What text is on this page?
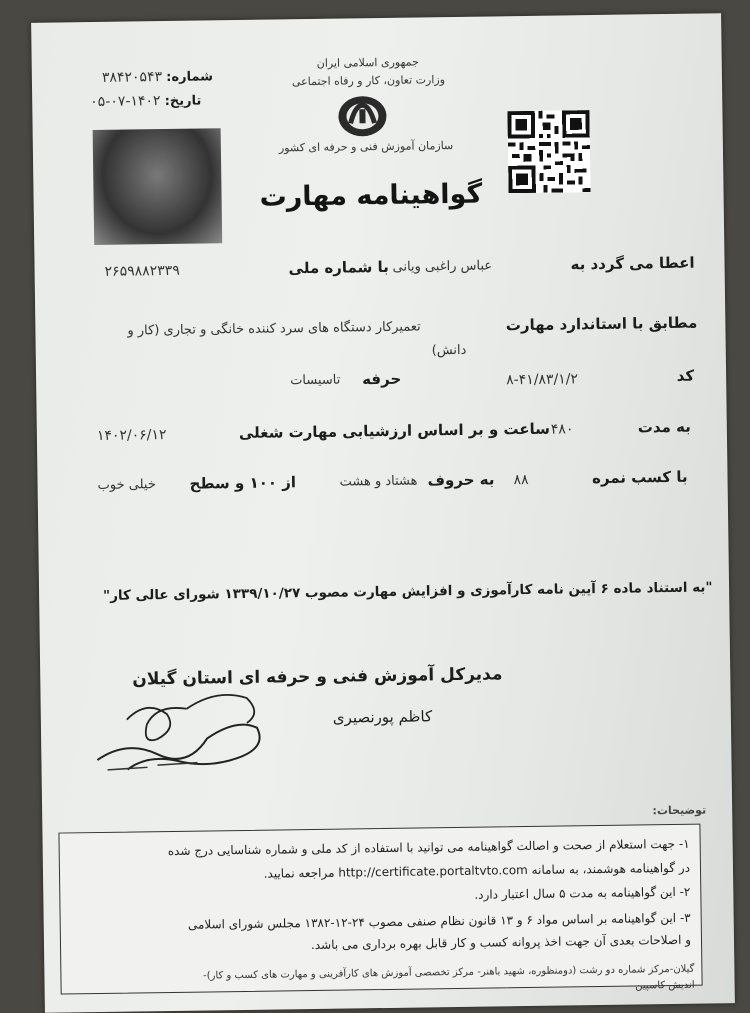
جمهوری اسلامی ایران
وزارت تعاون، کار و رفاه اجتماعی
سازمان آموزش فنی و حرفه ای کشور
شماره: ۳۸۴۲۰۵۴۳
تاریخ: ۱۴۰۲-۰۷-۰۵
گواهینامه مهارت
اعطا می گردد به
عباس راغبی ویانی
با شماره ملی
۲۶۵۹۸۸۲۳۳۹
مطابق با استاندارد مهارت
تعمیرکار دستگاه های سرد کننده خانگی و تجاری (کار و
دانش)
کد
۸-۴۱/۸۳/۱/۲
حرفه
تاسیسات
به مدت
۴۸۰
ساعت و بر اساس ارزشیابی مهارت شغلی
۱۴۰۲/۰۶/۱۲
با کسب نمره
۸۸
به حروف
هشتاد و هشت
از ۱۰۰ و سطح
خیلی خوب
"به استناد ماده ۶ آیین نامه کارآموزی و افزایش مهارت مصوب ۱۳۳۹/۱۰/۲۷ شورای عالی کار"
مدیرکل آموزش فنی و حرفه ای استان گیلان
کاظم پورنصیری
توضیحات:
۱- جهت استعلام از صحت و اصالت گواهینامه می توانید با استفاده از کد ملی و شماره شناسایی درج شده
در گواهینامه هوشمند، به سامانه http://certificate.portaltvto.com مراجعه نمایید.
۲- این گواهینامه به مدت ۵ سال اعتبار دارد.
۳- این گواهینامه بر اساس مواد ۶ و ۱۳ قانون نظام صنفی مصوب ۲۴-۱۲-۱۳۸۲ مجلس شورای اسلامی
و اصلاحات بعدی آن جهت اخذ پروانه کسب و کار قابل بهره برداری می باشد.
گیلان-مرکز شماره دو رشت (دومنظوره، شهید باهنر- مرکز تخصصی آموزش های کارآفرینی و مهارت های کسب و کار)-
اندیش کاسپین
